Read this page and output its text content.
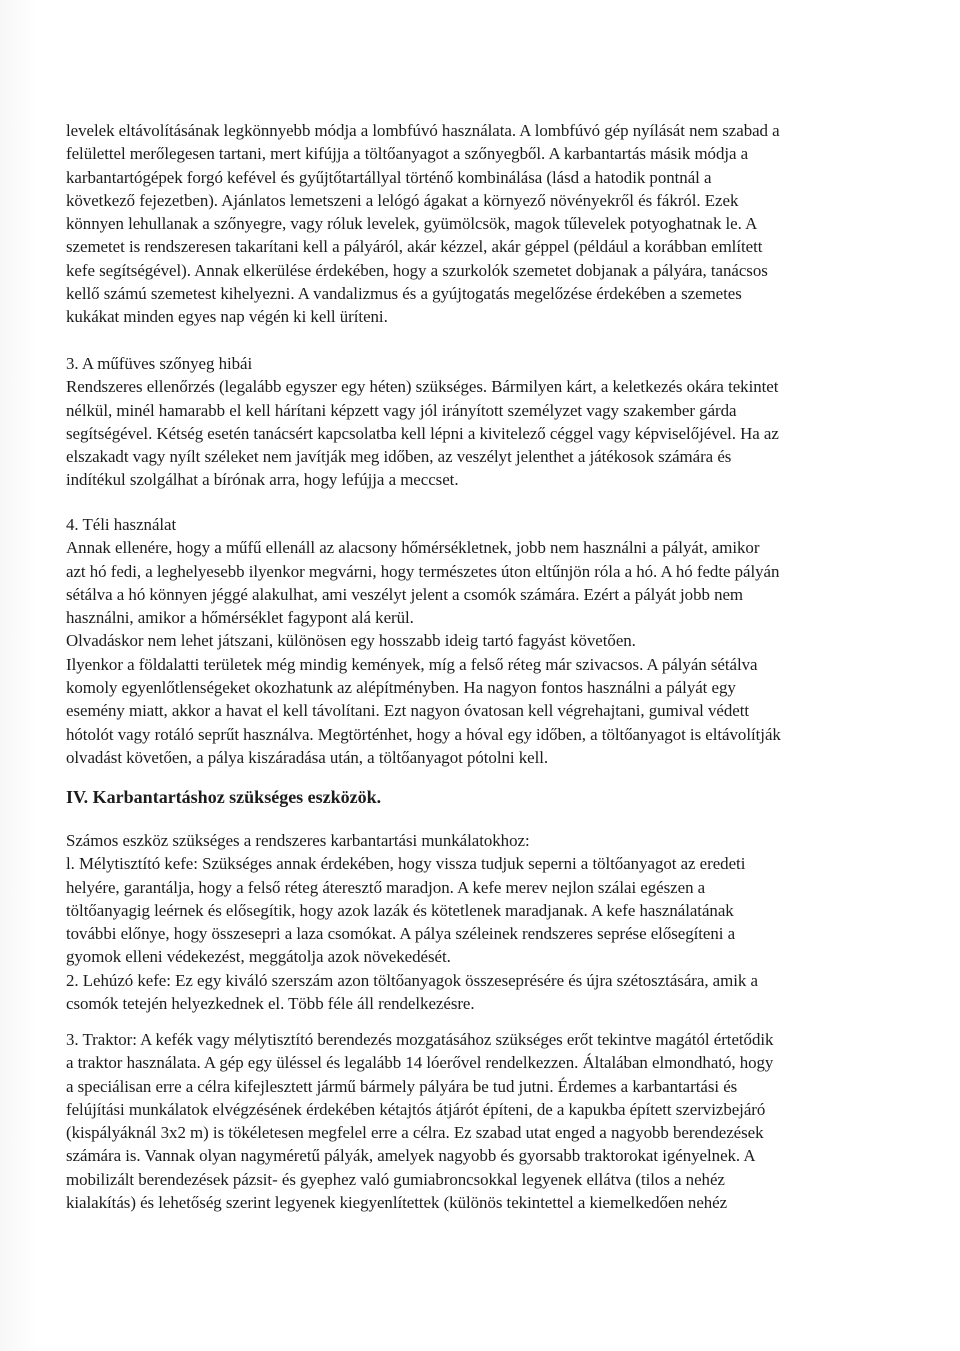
levelek eltávolításának legkönnyebb módja a lombfúvó használata. A lombfúvó gép nyílását nem szabad a
felülettel merőlegesen tartani, mert kifújja a töltőanyagot a szőnyegből. A karbantartás másik módja a
karbantartógépek forgó kefével és gyűjtőtartállyal történő kombinálása (lásd a hatodik pontnál a
következő fejezetben). Ajánlatos lemetszeni a lelógó ágakat a környező növényekről és fákról. Ezek
könnyen lehullanak a szőnyegre, vagy róluk levelek, gyümölcsök, magok tűlevelek potyoghatnak le. A
szemetet is rendszeresen takarítani kell a pályáról, akár kézzel, akár géppel (például a korábban említett
kefe segítségével). Annak elkerülése érdekében, hogy a szurkolók szemetet dobjanak a pályára, tanácsos
kellő számú szemetest kihelyezni. A vandalizmus és a gyújtogatás megelőzése érdekében a szemetes
kukákat minden egyes nap végén ki kell üríteni.
3. A műfüves szőnyeg hibái
Rendszeres ellenőrzés (legalább egyszer egy héten) szükséges. Bármilyen kárt, a keletkezés okára tekintet
nélkül, minél hamarabb el kell hárítani képzett vagy jól irányított személyzet vagy szakember gárda
segítségével. Kétség esetén tanácsért kapcsolatba kell lépni a kivitelező céggel vagy képviselőjével. Ha az
elszakadt vagy nyílt széleket nem javítják meg időben, az veszélyt jelenthet a játékosok számára és
indítékul szolgálhat a bírónak arra, hogy lefújja a meccset.
4. Téli használat
Annak ellenére, hogy a műfű ellenáll az alacsony hőmérsékletnek, jobb nem használni a pályát, amikor
azt hó fedi, a leghelyesebb ilyenkor megvárni, hogy természetes úton eltűnjön róla a hó. A hó fedte pályán
sétálva a hó könnyen jéggé alakulhat, ami veszélyt jelent a csomók számára. Ezért a pályát jobb nem
használni, amikor a hőmérséklet fagypont alá kerül.
Olvadáskor nem lehet játszani, különösen egy hosszabb ideig tartó fagyást követően.
Ilyenkor a földalatti területek még mindig kemények, míg a felső réteg már szivacsos. A pályán sétálva
komoly egyenlőtlenségeket okozhatunk az alépítményben. Ha nagyon fontos használni a pályát egy
esemény miatt, akkor a havat el kell távolítani. Ezt nagyon óvatosan kell végrehajtani, gumival védett
hótolót vagy rotáló seprűt használva. Megtörténhet, hogy a hóval egy időben, a töltőanyagot is eltávolítják
olvadást követően, a pálya kiszáradása után, a töltőanyagot pótolni kell.
IV. Karbantartáshoz szükséges eszközök.
Számos eszköz szükséges a rendszeres karbantartási munkálatokhoz:
l. Mélytisztító kefe: Szükséges annak érdekében, hogy vissza tudjuk seperni a töltőanyagot az eredeti
helyére, garantálja, hogy a felső réteg áteresztő maradjon. A kefe merev nejlon szálai egészen a
töltőanyagig leérnek és elősegítik, hogy azok lazák és kötetlenek maradjanak. A kefe használatának
további előnye, hogy összesepri a laza csomókat. A pálya széleinek rendszeres seprése elősegíteni a
gyomok elleni védekezést, meggátolja azok növekedését.
2. Lehúzó kefe: Ez egy kiváló szerszám azon töltőanyagok összeseprésére és újra szétosztására, amik a
csomók tetején helyezkednek el. Több féle áll rendelkezésre.
3. Traktor: A kefék vagy mélytisztító berendezés mozgatásához szükséges erőt tekintve magától értetődik
a traktor használata. A gép egy üléssel és legalább 14 lóerővel rendelkezzen. Általában elmondható, hogy
a speciálisan erre a célra kifejlesztett jármű bármely pályára be tud jutni. Érdemes a karbantartási és
felújítási munkálatok elvégzésének érdekében kétajtós átjárót építeni, de a kapukba épített szervizbejáró
(kispályáknál 3x2 m) is tökéletesen megfelel erre a célra. Ez szabad utat enged a nagyobb berendezések
számára is. Vannak olyan nagyméretű pályák, amelyek nagyobb és gyorsabb traktorokat igényelnek. A
mobilizált berendezések pázsit- és gyephez való gumiabroncsokkal legyenek ellátva (tilos a nehéz
kialakítás) és lehetőség szerint legyenek kiegyenlítettek (különös tekintettel a kiemelkedően nehéz
